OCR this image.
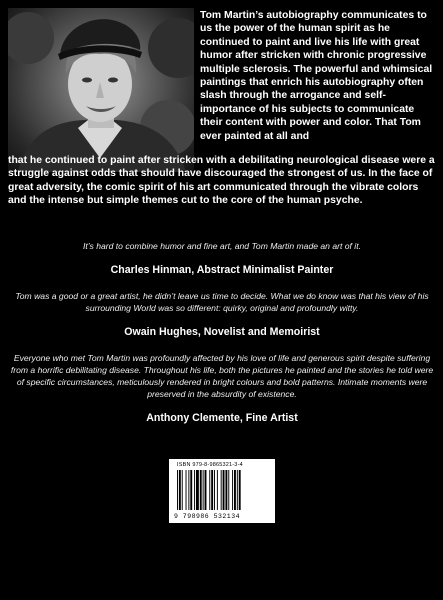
Tom Martin’s autobiography communicates to us the power of the human spirit as he continued to paint and live his life with great humor after stricken with chronic progressive multiple sclerosis. The powerful and whimsical paintings that enrich his autobiography often slash through the arrogance and self-importance of his subjects to communicate their content with power and color. That Tom ever painted at all and

that he continued to paint after stricken with a debilitating neurological disease were a struggle against odds that should have discouraged the strongest of us. In the face of great adversity, the comic spirit of his art communicated through the vibrate colors and the intense but simple themes cut to the core of the human psyche.

It’s hard to combine humor and fine art, and Tom Martin made an art of it.

Charles Hinman, Abstract Minimalist Painter

Tom was a good or a great artist, he didn’t leave us time to decide. What we do know was that his view of his surrounding World was so different: quirky, original and profoundly witty.

Owain Hughes, Novelist and Memoirist

Everyone who met Tom Martin was profoundly affected by his love of life and generous spirit despite suffering from a horrific debilitating disease. Throughout his life, both the pictures he painted and the stories he told were of specific circumstances, meticulously rendered in bright colours and bold patterns. Intimate moments were preserved in the absurdity of existence.

Anthony Clemente, Fine Artist

ISBN 979-8-9865321-3-4
9 798986 532134
